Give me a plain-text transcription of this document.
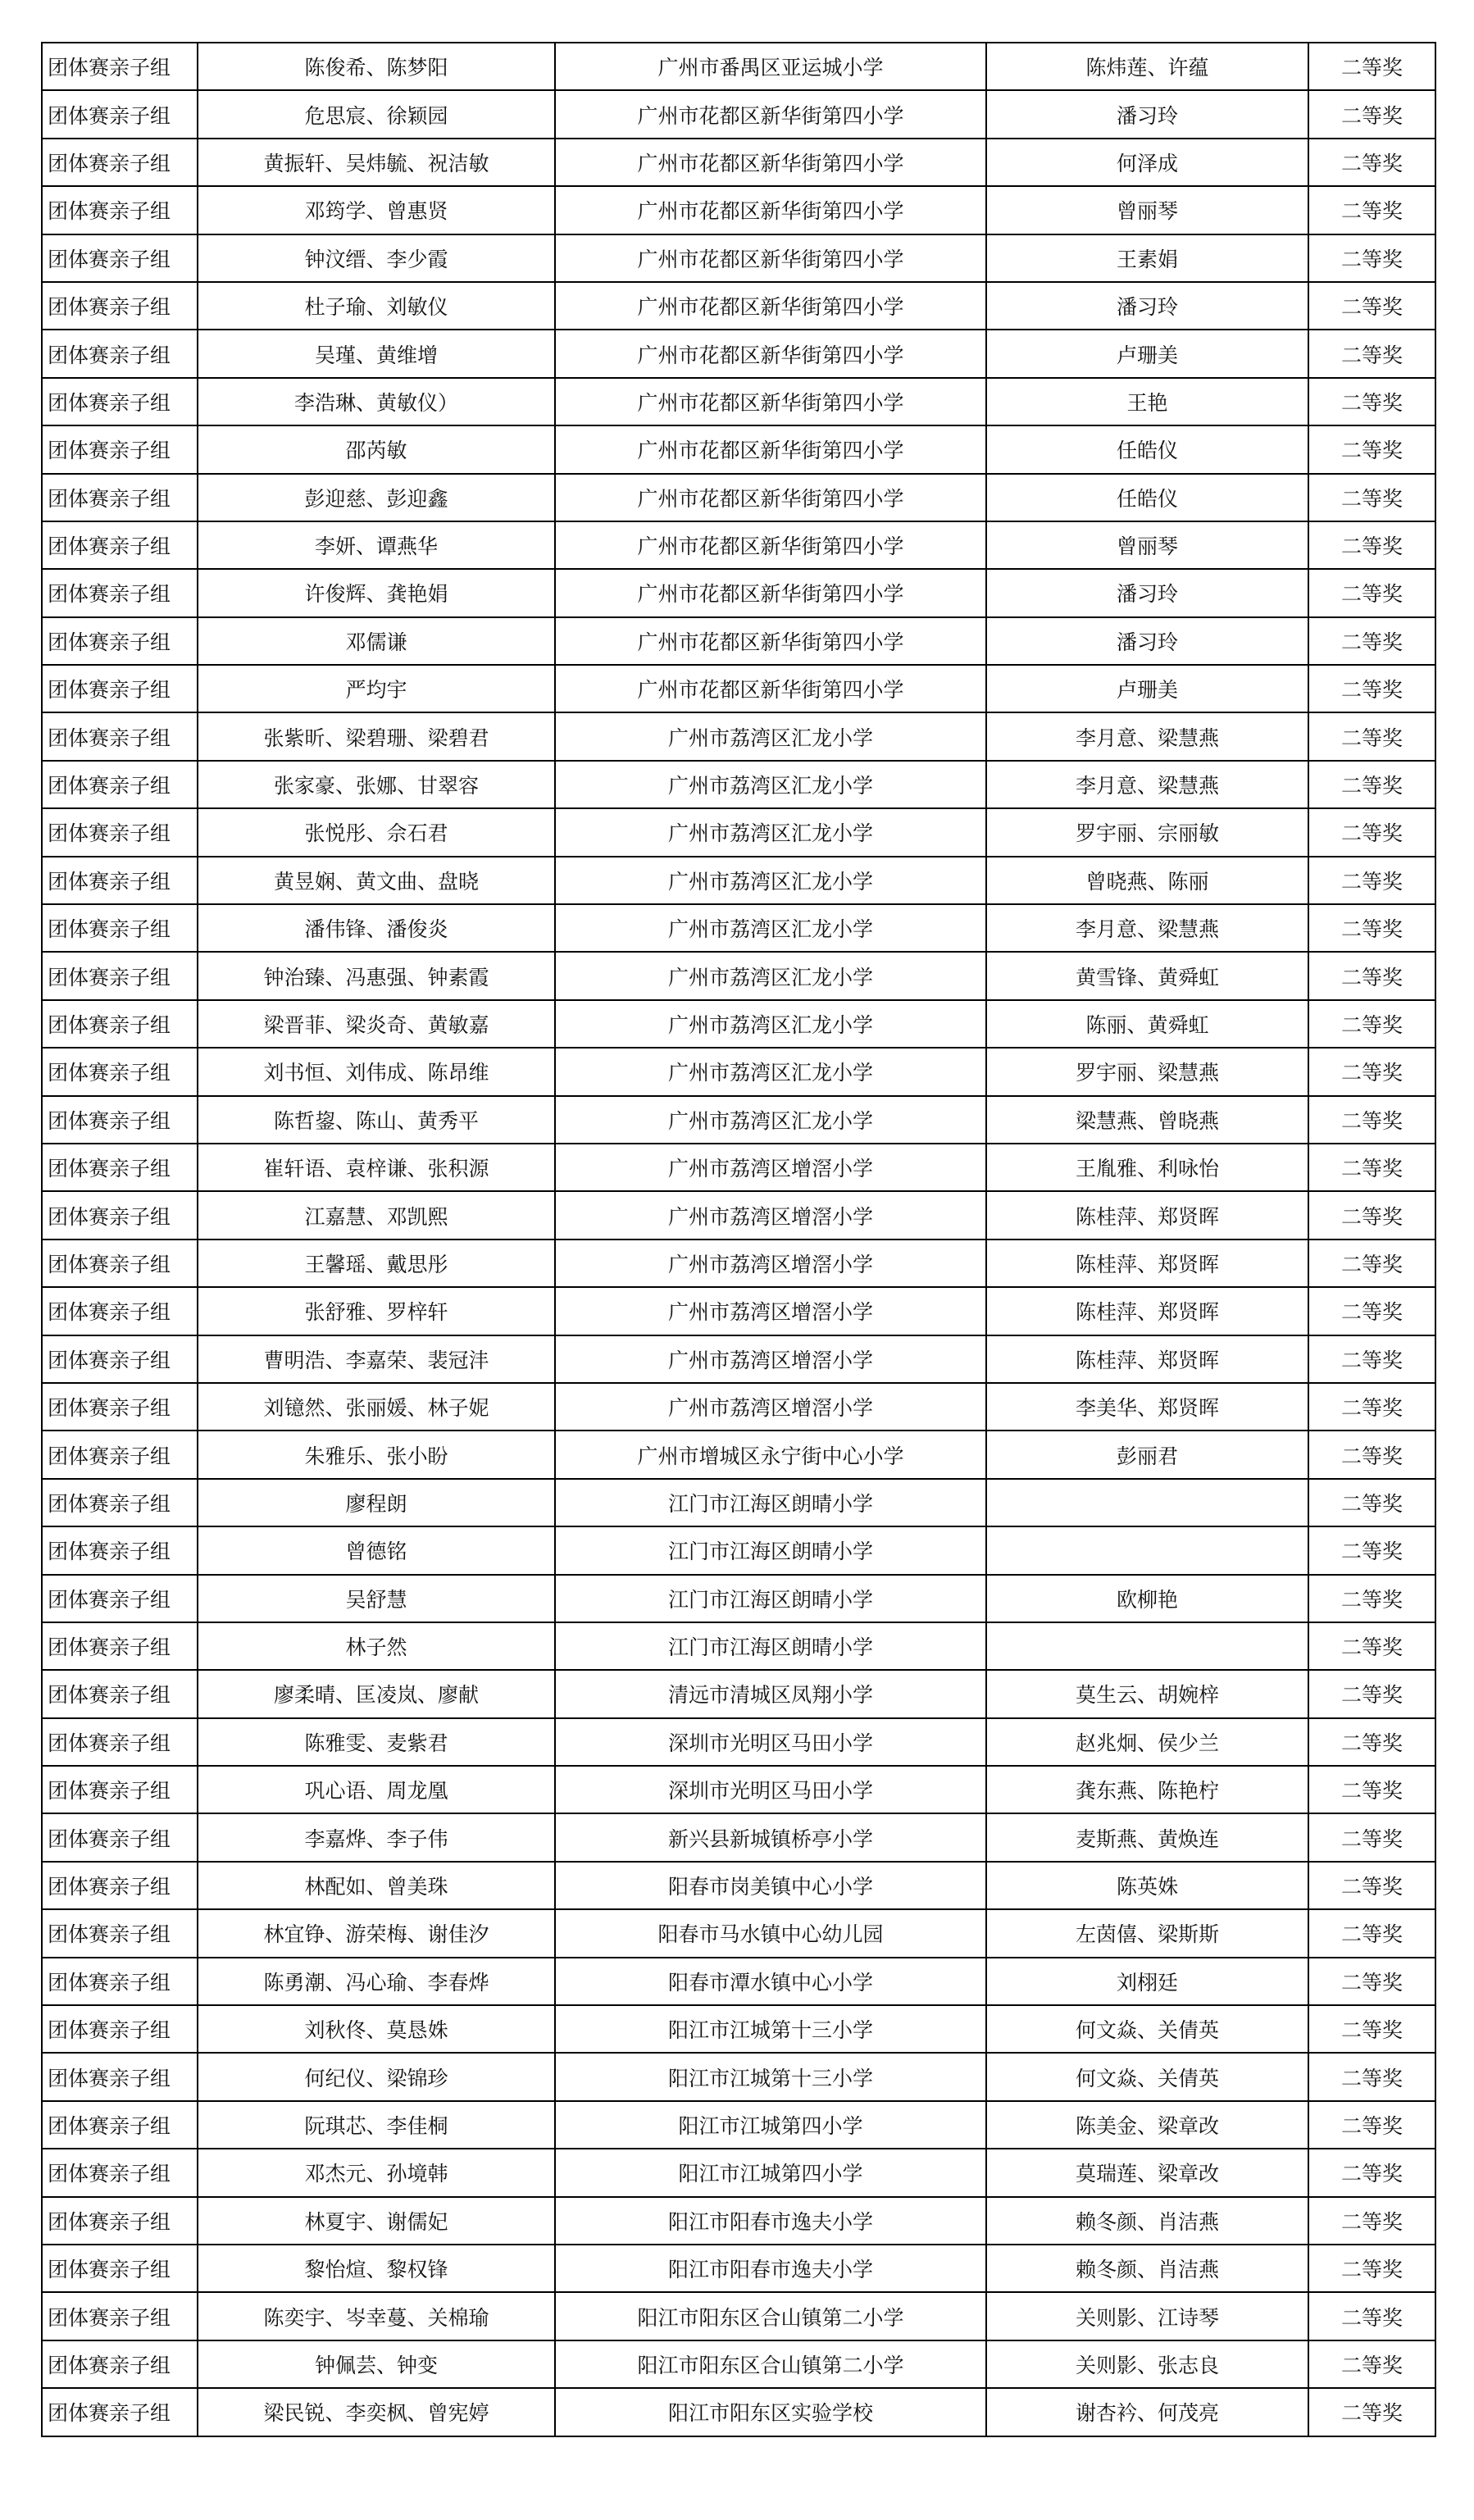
团体赛亲子组	陈俊希、陈梦阳	广州市番禺区亚运城小学	陈炜莲、许蕴	二等奖
团体赛亲子组	危思宸、徐颖园	广州市花都区新华街第四小学	潘习玲	二等奖
团体赛亲子组	黄振轩、吴炜毓、祝洁敏	广州市花都区新华街第四小学	何泽成	二等奖
团体赛亲子组	邓筠学、曾惠贤	广州市花都区新华街第四小学	曾丽琴	二等奖
团体赛亲子组	钟汶缙、李少霞	广州市花都区新华街第四小学	王素娟	二等奖
团体赛亲子组	杜子瑜、刘敏仪	广州市花都区新华街第四小学	潘习玲	二等奖
团体赛亲子组	吴瑾、黄维增	广州市花都区新华街第四小学	卢珊美	二等奖
团体赛亲子组	李浩琳、黄敏仪）	广州市花都区新华街第四小学	王艳	二等奖
团体赛亲子组	邵芮敏	广州市花都区新华街第四小学	任皓仪	二等奖
团体赛亲子组	彭迎慈、彭迎鑫	广州市花都区新华街第四小学	任皓仪	二等奖
团体赛亲子组	李妍、谭燕华	广州市花都区新华街第四小学	曾丽琴	二等奖
团体赛亲子组	许俊辉、龚艳娟	广州市花都区新华街第四小学	潘习玲	二等奖
团体赛亲子组	邓儒谦	广州市花都区新华街第四小学	潘习玲	二等奖
团体赛亲子组	严均宇	广州市花都区新华街第四小学	卢珊美	二等奖
团体赛亲子组	张紫昕、梁碧珊、梁碧君	广州市荔湾区汇龙小学	李月意、梁慧燕	二等奖
团体赛亲子组	张家豪、张娜、甘翠容	广州市荔湾区汇龙小学	李月意、梁慧燕	二等奖
团体赛亲子组	张悦彤、佘石君	广州市荔湾区汇龙小学	罗宇丽、宗丽敏	二等奖
团体赛亲子组	黄昱娴、黄文曲、盘晓	广州市荔湾区汇龙小学	曾晓燕、陈丽	二等奖
团体赛亲子组	潘伟锋、潘俊炎	广州市荔湾区汇龙小学	李月意、梁慧燕	二等奖
团体赛亲子组	钟治臻、冯惠强、钟素霞	广州市荔湾区汇龙小学	黄雪锋、黄舜虹	二等奖
团体赛亲子组	梁晋菲、梁炎奇、黄敏嘉	广州市荔湾区汇龙小学	陈丽、黄舜虹	二等奖
团体赛亲子组	刘书恒、刘伟成、陈昂维	广州市荔湾区汇龙小学	罗宇丽、梁慧燕	二等奖
团体赛亲子组	陈哲鋆、陈山、黄秀平	广州市荔湾区汇龙小学	梁慧燕、曾晓燕	二等奖
团体赛亲子组	崔轩语、袁梓谦、张积源	广州市荔湾区增滘小学	王胤雅、利咏怡	二等奖
团体赛亲子组	江嘉慧、邓凯熙	广州市荔湾区增滘小学	陈桂萍、郑贤晖	二等奖
团体赛亲子组	王馨瑶、戴思彤	广州市荔湾区增滘小学	陈桂萍、郑贤晖	二等奖
团体赛亲子组	张舒雅、罗梓轩	广州市荔湾区增滘小学	陈桂萍、郑贤晖	二等奖
团体赛亲子组	曹明浩、李嘉荣、裴冠沣	广州市荔湾区增滘小学	陈桂萍、郑贤晖	二等奖
团体赛亲子组	刘镱然、张丽媛、林子妮	广州市荔湾区增滘小学	李美华、郑贤晖	二等奖
团体赛亲子组	朱雅乐、张小盼	广州市增城区永宁街中心小学	彭丽君	二等奖
团体赛亲子组	廖程朗	江门市江海区朗晴小学		二等奖
团体赛亲子组	曾德铭	江门市江海区朗晴小学		二等奖
团体赛亲子组	吴舒慧	江门市江海区朗晴小学	欧柳艳	二等奖
团体赛亲子组	林子然	江门市江海区朗晴小学		二等奖
团体赛亲子组	廖柔晴、匡凌岚、廖献	清远市清城区凤翔小学	莫生云、胡婉梓	二等奖
团体赛亲子组	陈雅雯、麦紫君	深圳市光明区马田小学	赵兆炯、侯少兰	二等奖
团体赛亲子组	巩心语、周龙凰	深圳市光明区马田小学	龚东燕、陈艳柠	二等奖
团体赛亲子组	李嘉烨、李子伟	新兴县新城镇桥亭小学	麦斯燕、黄焕连	二等奖
团体赛亲子组	林配如、曾美珠	阳春市岗美镇中心小学	陈英姝	二等奖
团体赛亲子组	林宜铮、游荣梅、谢佳汐	阳春市马水镇中心幼儿园	左茵僖、梁斯斯	二等奖
团体赛亲子组	陈勇潮、冯心瑜、李春烨	阳春市潭水镇中心小学	刘栩廷	二等奖
团体赛亲子组	刘秋佟、莫恳姝	阳江市江城第十三小学	何文焱、关倩英	二等奖
团体赛亲子组	何纪仪、梁锦珍	阳江市江城第十三小学	何文焱、关倩英	二等奖
团体赛亲子组	阮琪芯、李佳桐	阳江市江城第四小学	陈美金、梁章改	二等奖
团体赛亲子组	邓杰元、孙境韩	阳江市江城第四小学	莫瑞莲、梁章改	二等奖
团体赛亲子组	林夏宇、谢儒妃	阳江市阳春市逸夫小学	赖冬颜、肖洁燕	二等奖
团体赛亲子组	黎怡煊、黎权锋	阳江市阳春市逸夫小学	赖冬颜、肖洁燕	二等奖
团体赛亲子组	陈奕宇、岑幸蔓、关棉瑜	阳江市阳东区合山镇第二小学	关则影、江诗琴	二等奖
团体赛亲子组	钟佩芸、钟变	阳江市阳东区合山镇第二小学	关则影、张志良	二等奖
团体赛亲子组	梁民锐、李奕枫、曾宪婷	阳江市阳东区实验学校	谢杏衿、何茂亮	二等奖
